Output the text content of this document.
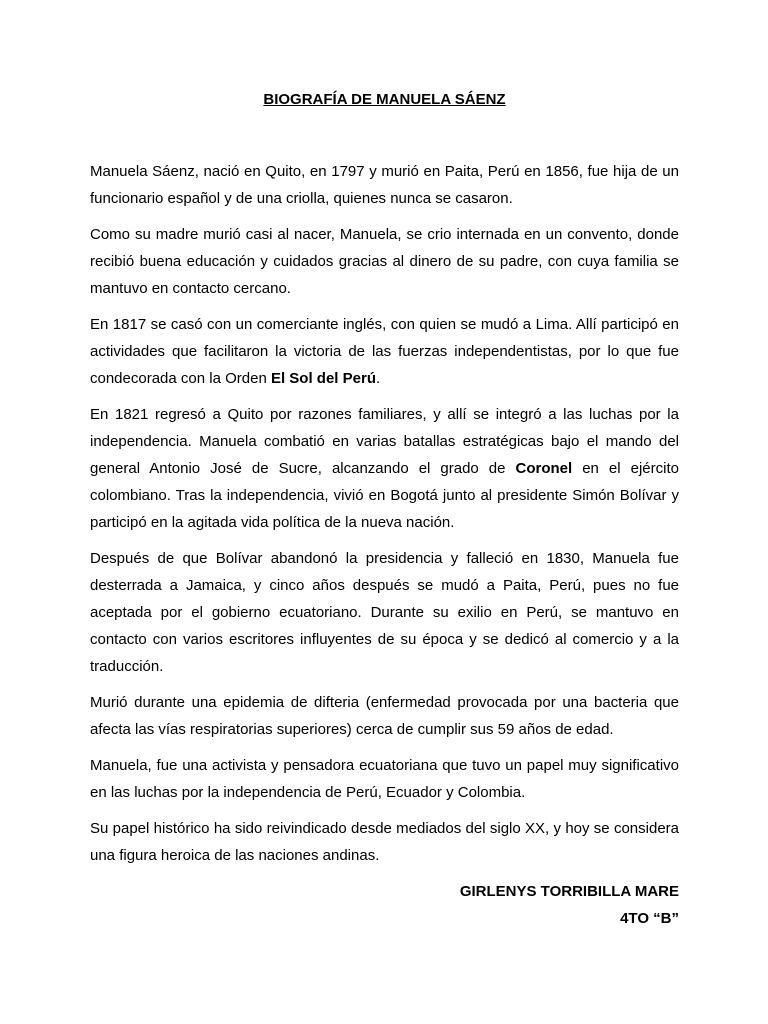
BIOGRAFÍA DE MANUELA SÁENZ

Manuela Sáenz, nació en Quito, en 1797 y murió en Paita, Perú en 1856, fue hija de un funcionario español y de una criolla, quienes nunca se casaron.

Como su madre murió casi al nacer, Manuela, se crio internada en un convento, donde recibió buena educación y cuidados gracias al dinero de su padre, con cuya familia se mantuvo en contacto cercano.

En 1817 se casó con un comerciante inglés, con quien se mudó a Lima. Allí participó en actividades que facilitaron la victoria de las fuerzas independentistas, por lo que fue condecorada con la Orden El Sol del Perú.

En 1821 regresó a Quito por razones familiares, y allí se integró a las luchas por la independencia. Manuela combatió en varias batallas estratégicas bajo el mando del general Antonio José de Sucre, alcanzando el grado de Coronel en el ejército colombiano. Tras la independencia, vivió en Bogotá junto al presidente Simón Bolívar y participó en la agitada vida política de la nueva nación.

Después de que Bolívar abandonó la presidencia y falleció en 1830, Manuela fue desterrada a Jamaica, y cinco años después se mudó a Paita, Perú, pues no fue aceptada por el gobierno ecuatoriano. Durante su exilio en Perú, se mantuvo en contacto con varios escritores influyentes de su época y se dedicó al comercio y a la traducción.

Murió durante una epidemia de difteria (enfermedad provocada por una bacteria que afecta las vías respiratorias superiores) cerca de cumplir sus 59 años de edad.

Manuela, fue una activista y pensadora ecuatoriana que tuvo un papel muy significativo en las luchas por la independencia de Perú, Ecuador y Colombia.

Su papel histórico ha sido reivindicado desde mediados del siglo XX, y hoy se considera una figura heroica de las naciones andinas.

GIRLENYS TORRIBILLA MARE

4TO “B”
